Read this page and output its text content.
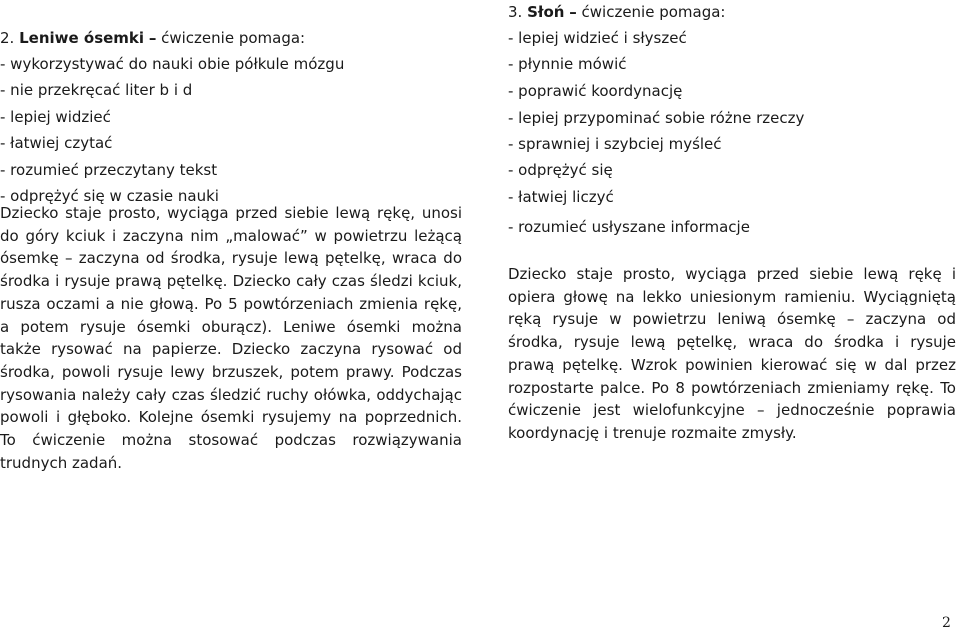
2. Leniwe ósemki – ćwiczenie pomaga:
- wykorzystywać do nauki obie półkule mózgu
- nie przekręcać liter b i d
- lepiej widzieć
- łatwiej czytać
- rozumieć przeczytany tekst
- odprężyć się w czasie nauki
Dziecko staje prosto, wyciąga przed siebie lewą rękę, unosi do góry kciuk i zaczyna nim „malować” w powietrzu leżącą ósemkę – zaczyna od środka, rysuje lewą pętelkę, wraca do środka i rysuje prawą pętelkę. Dziecko cały czas śledzi kciuk, rusza oczami a nie głową. Po 5 powtórzeniach zmienia rękę, a potem rysuje ósemki oburącz). Leniwe ósemki można także rysować na papierze. Dziecko zaczyna rysować od środka, powoli rysuje lewy brzuszek, potem prawy. Podczas rysowania należy cały czas śledzić ruchy ołówka, oddychając powoli i głęboko. Kolejne ósemki rysujemy na poprzednich. To ćwiczenie można stosować podczas rozwiązywania trudnych zadań.
3. Słoń – ćwiczenie pomaga:
- lepiej widzieć i słyszeć
- płynnie mówić
- poprawić koordynację
- lepiej przypominać sobie różne rzeczy
- sprawniej i szybciej myśleć
- odprężyć się
- łatwiej liczyć
- rozumieć usłyszane informacje
Dziecko staje prosto, wyciąga przed siebie lewą rękę i opiera głowę na lekko uniesionym ramieniu. Wyciągniętą ręką rysuje w powietrzu leniwą ósemkę – zaczyna od środka, rysuje lewą pętelkę, wraca do środka i rysuje prawą pętelkę. Wzrok powinien kierować się w dal przez rozpostarte palce. Po 8 powtórzeniach zmieniamy rękę. To ćwiczenie jest wielofunkcyjne – jednocześnie poprawia koordynację i trenuje rozmaite zmysły.
2
